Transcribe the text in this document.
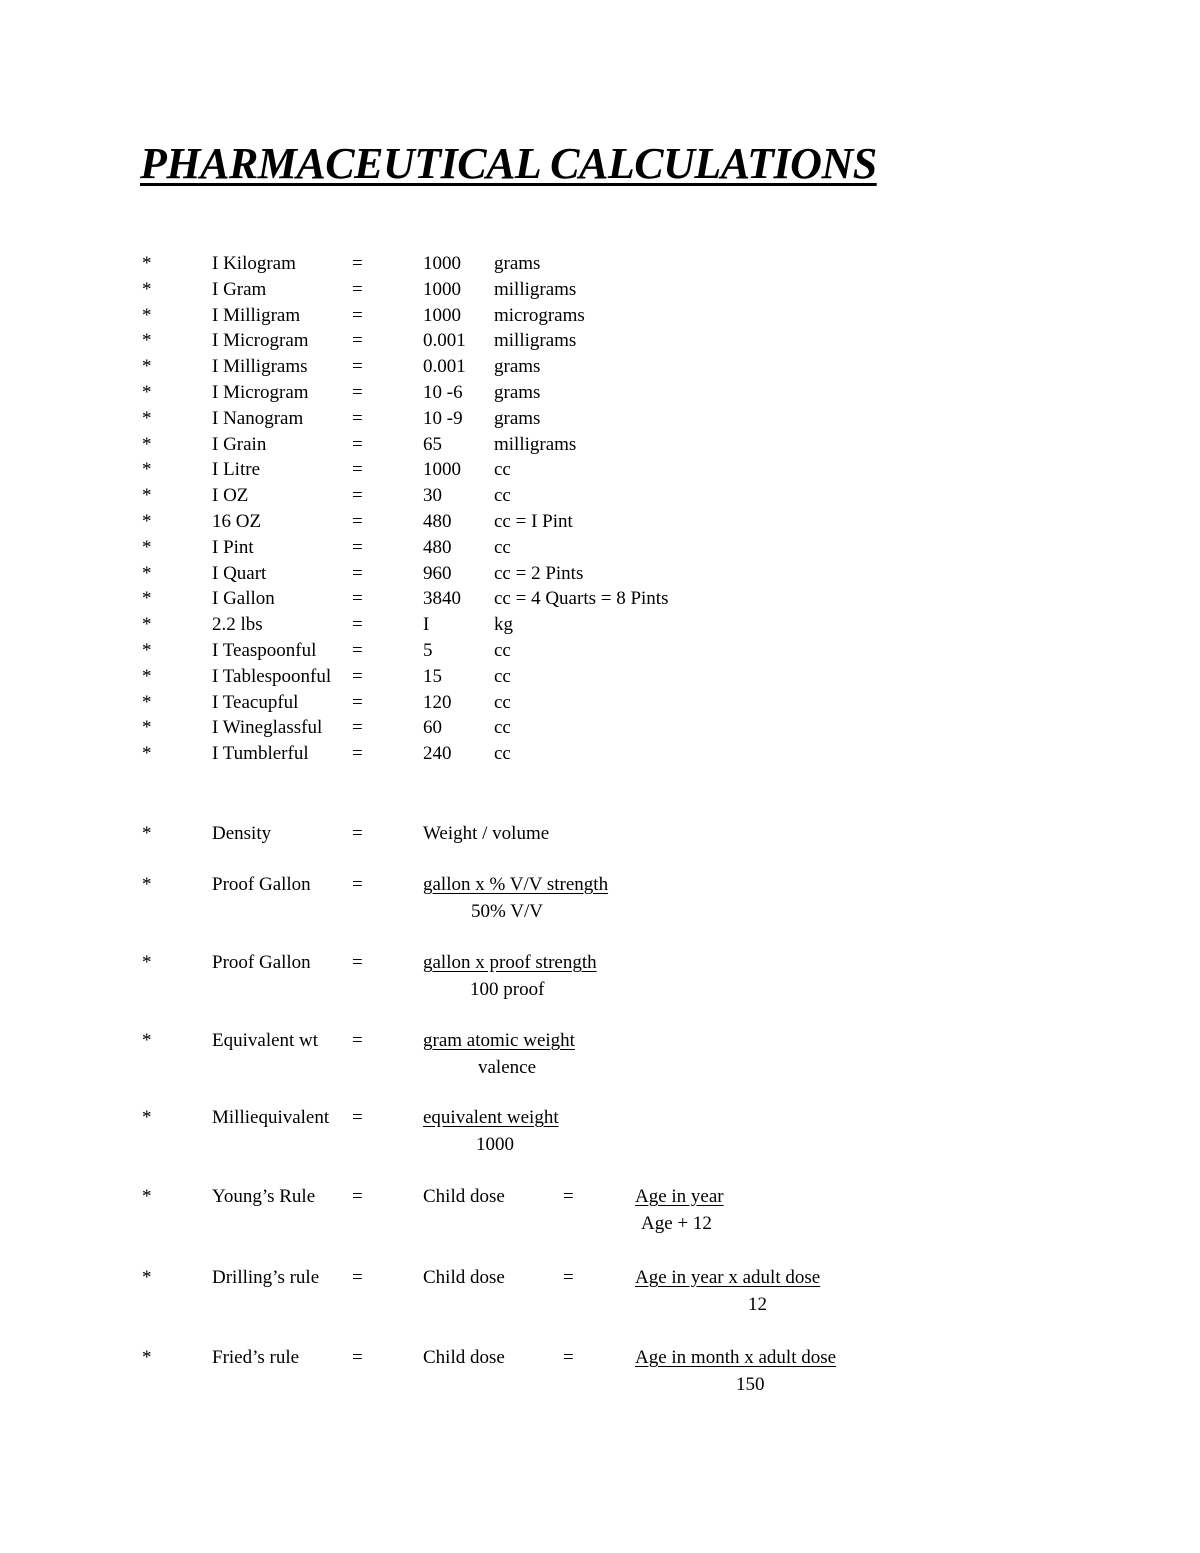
PHARMACEUTICAL CALCULATIONS
*	I Kilogram	=	1000 grams
*	I Gram	=	1000 milligrams
*	I Milligram	=	1000 micrograms
*	I Microgram =	0.001 milligrams
*	I Milligrams =	0.001 grams
*	I Microgram =	10 -6 grams
*	I Nanogram	=	10 -9 grams
*	I Grain	=	65	milligrams
*	I Litre	=	1000 cc
*	I OZ	=	30	cc
*	16 OZ	=	480 cc = I Pint
*	I Pint	=	480 cc
*	I Quart	=	960 cc = 2 Pints
*	I Gallon	=	3840 cc = 4 Quarts = 8 Pints
*	2.2 lbs	=	I	kg
*	I Teaspoonful =	5	cc
*	I Tablespoonful =	15	cc
*	I Teacupful	=	120 cc
*	I Wineglassful =	60	cc
*	I Tumblerful =	240 cc
*	Density	=	Weight / volume
*	Proof Gallon =	gallon x % V/V strength
50% V/V
*	Proof Gallon =	gallon x proof strength
100 proof
*	Equivalent wt =	gram atomic weight
valence
*	Milliequivalent =	equivalent weight
1000
*	Young’s Rule =	Child dose	=	Age in year
Age + 12
*	Drilling’s rule =	Child dose	=	Age in year x adult dose
12
*	Fried’s rule	=	Child dose	=	Age in month x adult dose
150
